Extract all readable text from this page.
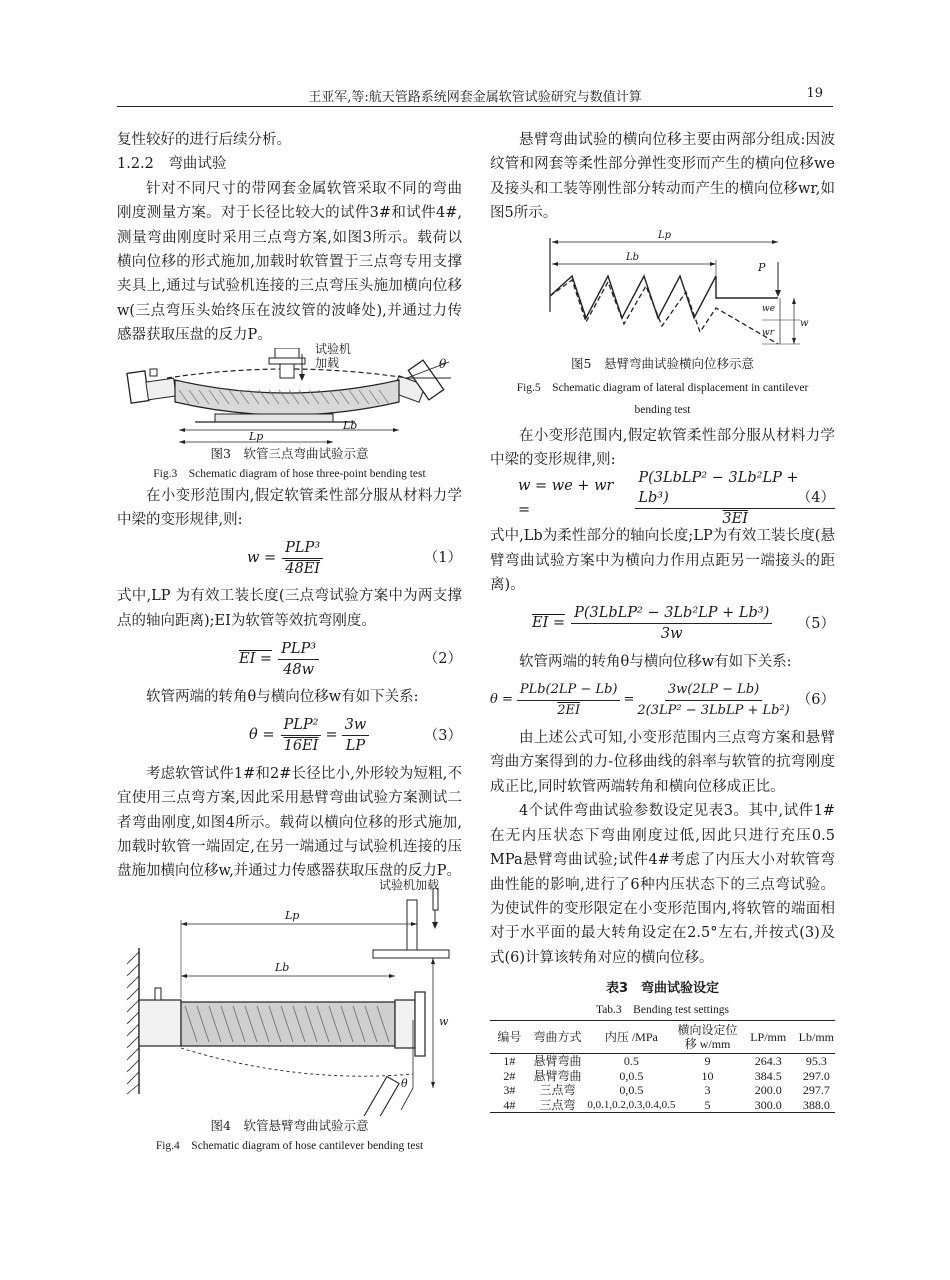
王亚军,等:航天管路系统网套金属软管试验研究与数值计算	19

复性较好的进行后续分析。

1.2.2　弯曲试验

针对不同尺寸的带网套金属软管采取不同的弯曲刚度测量方案。对于长径比较大的试件3#和试件4#,测量弯曲刚度时采用三点弯方案,如图3所示。载荷以横向位移的形式施加,加载时软管置于三点弯专用支撑夹具上,通过与试验机连接的三点弯压头施加横向位移w(三点弯压头始终压在波纹管的波峰处),并通过力传感器获取压盘的反力P。

试验机
加载	θ
Lb
Lp
图3　软管三点弯曲试验示意
Fig.3　Schematic diagram of hose three-point bending test

在小变形范围内,假定软管柔性部分服从材料力学中梁的变形规律,则:

$w = \frac{\text{PLP³}}{48EI}$	（1）

式中,LP 为有效工装长度(三点弯试验方案中为两支撑点的轴向距离);EI为软管等效抗弯刚度。

EI = $\frac{\text{PLP³}}{48w}$	（2）

软管两端的转角θ与横向位移w有如下关系:

$\theta = \frac{\text{PLP²}}{16EI} = \frac{3w}{LP}$	（3）

考虑软管试件1#和2#长径比小,外形较为短粗,不宜使用三点弯方案,因此采用悬臂弯曲试验方案测试二者弯曲刚度,如图4所示。载荷以横向位移的形式施加,加载时软管一端固定,在另一端通过与试验机连接的压盘施加横向位移w,并通过力传感器获取压盘的反力P。

试验机加载
Lp
Lb
w
θ
图4　软管悬臂弯曲试验示意
Fig.4　Schematic diagram of hose cantilever bending test

悬臂弯曲试验的横向位移主要由两部分组成:因波纹管和网套等柔性部分弹性变形而产生的横向位移we及接头和工装等刚性部分转动而产生的横向位移wr,如图5所示。

Lp
Lb
P
we
wr
w
图5　悬臂弯曲试验横向位移示意
Fig.5　Schematic diagram of lateral displacement in cantilever
bending test

在小变形范围内,假定软管柔性部分服从材料力学中梁的变形规律,则:

w = we + wr =	$\frac{\text{P(3LbLP² − 3Lb²LP + Lb³)}}{3EI}$
（4）

式中,Lb为柔性部分的轴向长度;LP为有效工装长度(悬臂弯曲试验方案中为横向力作用点距另一端接头的距离)。

EI = $\frac{\text{P(3LbLP² − 3Lb²LP + Lb³)}}{3w} (5)$

软管两端的转角θ与横向位移w有如下关系:

$\theta = \frac{\text{PLb(2LP − Lb)}}{2EI} = \frac{3w(2LP - Lb)}{\text{2(3LP² − 3LbLP + Lb²)}} (6)$

由上述公式可知,小变形范围内三点弯方案和悬臂弯曲方案得到的力-位移曲线的斜率与软管的抗弯刚度成正比,同时软管两端转角和横向位移成正比。

4个试件弯曲试验参数设定见表3。其中,试件1#在无内压状态下弯曲刚度过低,因此只进行充压0.5 MPa悬臂弯曲试验;试件4#考虑了内压大小对软管弯曲性能的影响,进行了6种内压状态下的三点弯试验。为使试件的变形限定在小变形范围内,将软管的端面相对于水平面的最大转角设定在2.5°左右,并按式(3)及式(6)计算该转角对应的横向位移。

表3　弯曲试验设定
Tab.3　Bending test settings
编号	弯曲方式	内压 /MPa	横向设定位移 w/mm	LP/mm	Lb/mm
1#	悬臂弯曲	0.5	9	264.3	95.3
2#	悬臂弯曲	0,0.5	10	384.5	297.0
3#	三点弯	0,0.5	3	200.0	297.7
4#	三点弯	0,0.1,0.2,0.3,0.4,0.5	5	300.0	388.0
